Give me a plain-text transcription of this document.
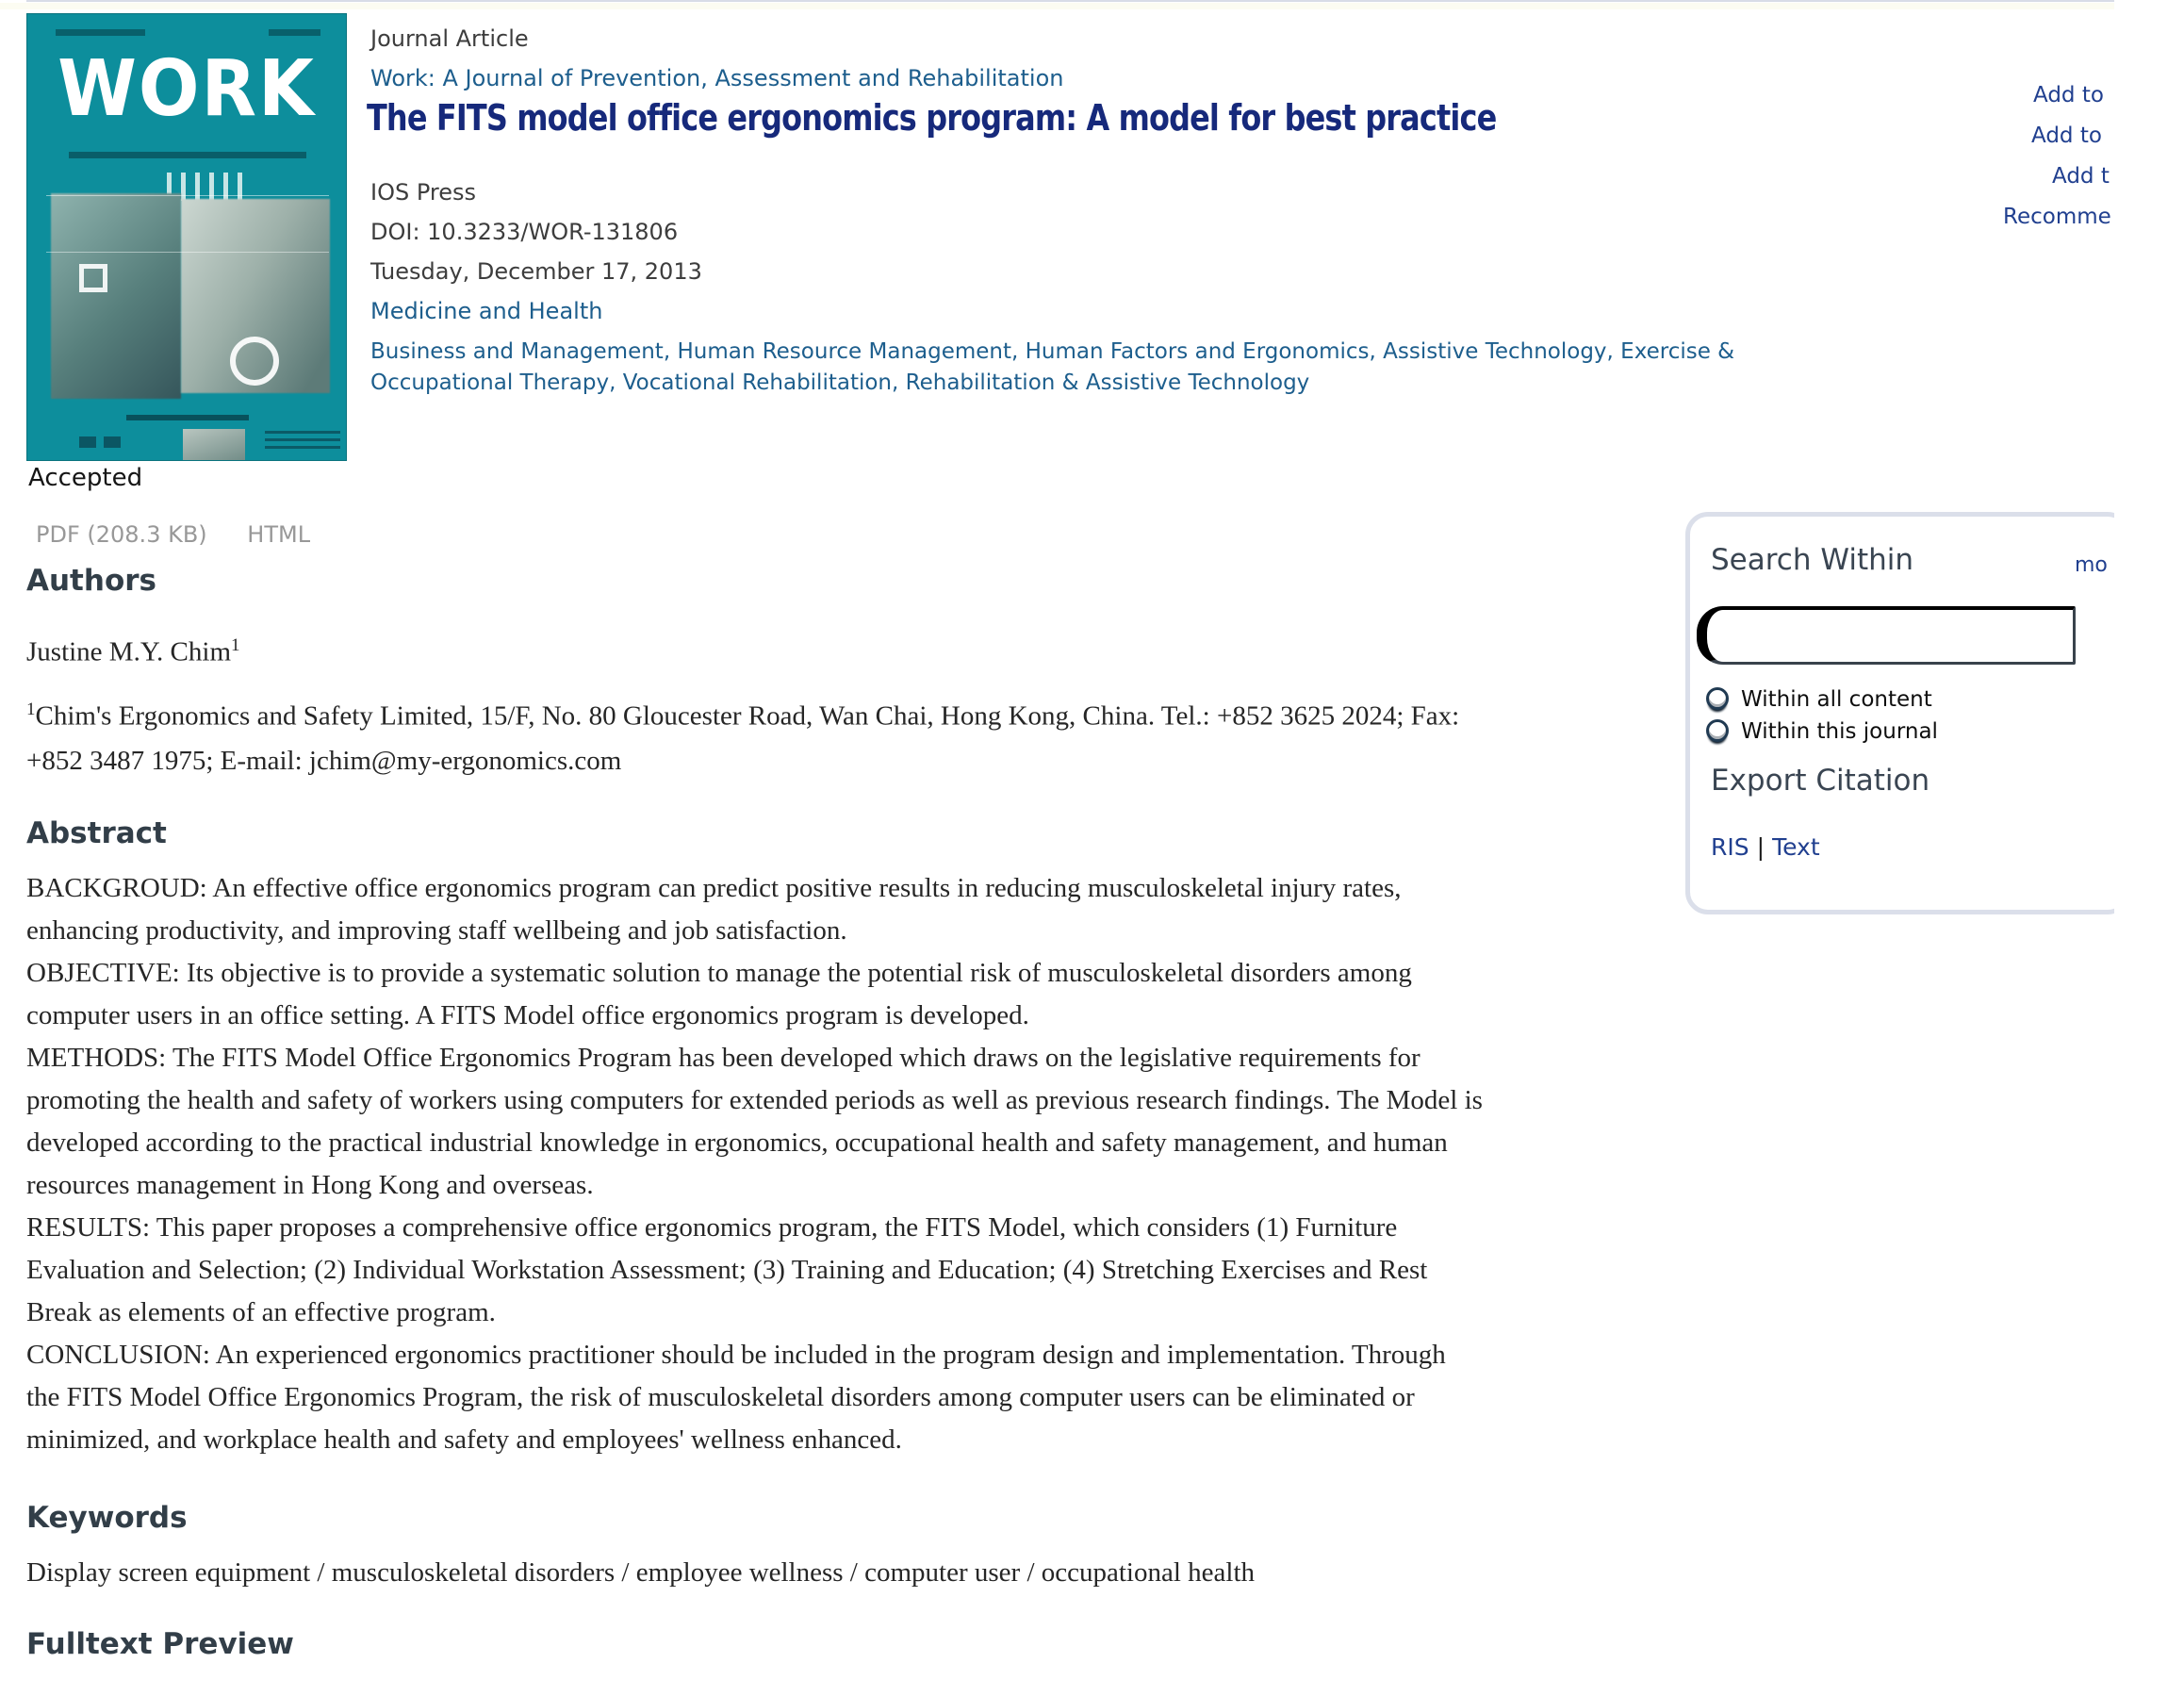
WORK
Journal Article
Work: A Journal of Prevention, Assessment and Rehabilitation
The FITS model office ergonomics program: A model for best practice
IOS Press
DOI: 10.3233/WOR-131806
Tuesday, December 17, 2013
Medicine and Health

Business and Management, Human Resource Management, Human Factors and Ergonomics, Assistive Technology, Exercise & Occupational Therapy, Vocational Rehabilitation, Rehabilitation & Assistive Technology

Add to
Add to
Add t
Recomme
Accepted
PDF (208.3 KB) HTML
Authors
Justine M.Y. Chim$^1$

$^1$Chim's Ergonomics and Safety Limited, 15/F, No. 80 Gloucester Road, Wan Chai, Hong Kong, China. Tel.: +852 3625 2024; Fax: +852 3487 1975; E-mail: jchim@my-ergonomics.com

Abstract
BACKGROUD: An effective office ergonomics program can predict positive results in reducing musculoskeletal injury rates, enhancing productivity, and improving staff wellbeing and job satisfaction.
OBJECTIVE: Its objective is to provide a systematic solution to manage the potential risk of musculoskeletal disorders among computer users in an office setting. A FITS Model office ergonomics program is developed.
METHODS: The FITS Model Office Ergonomics Program has been developed which draws on the legislative requirements for promoting the health and safety of workers using computers for extended periods as well as previous research findings. The Model is developed according to the practical industrial knowledge in ergonomics, occupational health and safety management, and human resources management in Hong Kong and overseas.
RESULTS: This paper proposes a comprehensive office ergonomics program, the FITS Model, which considers (1) Furniture Evaluation and Selection; (2) Individual Workstation Assessment; (3) Training and Education; (4) Stretching Exercises and Rest Break as elements of an effective program.
CONCLUSION: An experienced ergonomics practitioner should be included in the program design and implementation. Through the FITS Model Office Ergonomics Program, the risk of musculoskeletal disorders among computer users can be eliminated or minimized, and workplace health and safety and employees' wellness enhanced.
Keywords

Display screen equipment / musculoskeletal disorders / employee wellness / computer user / occupational health

Fulltext Preview
Search Within	mo
Within all content
Within this journal
Export Citation
RIS | Text
